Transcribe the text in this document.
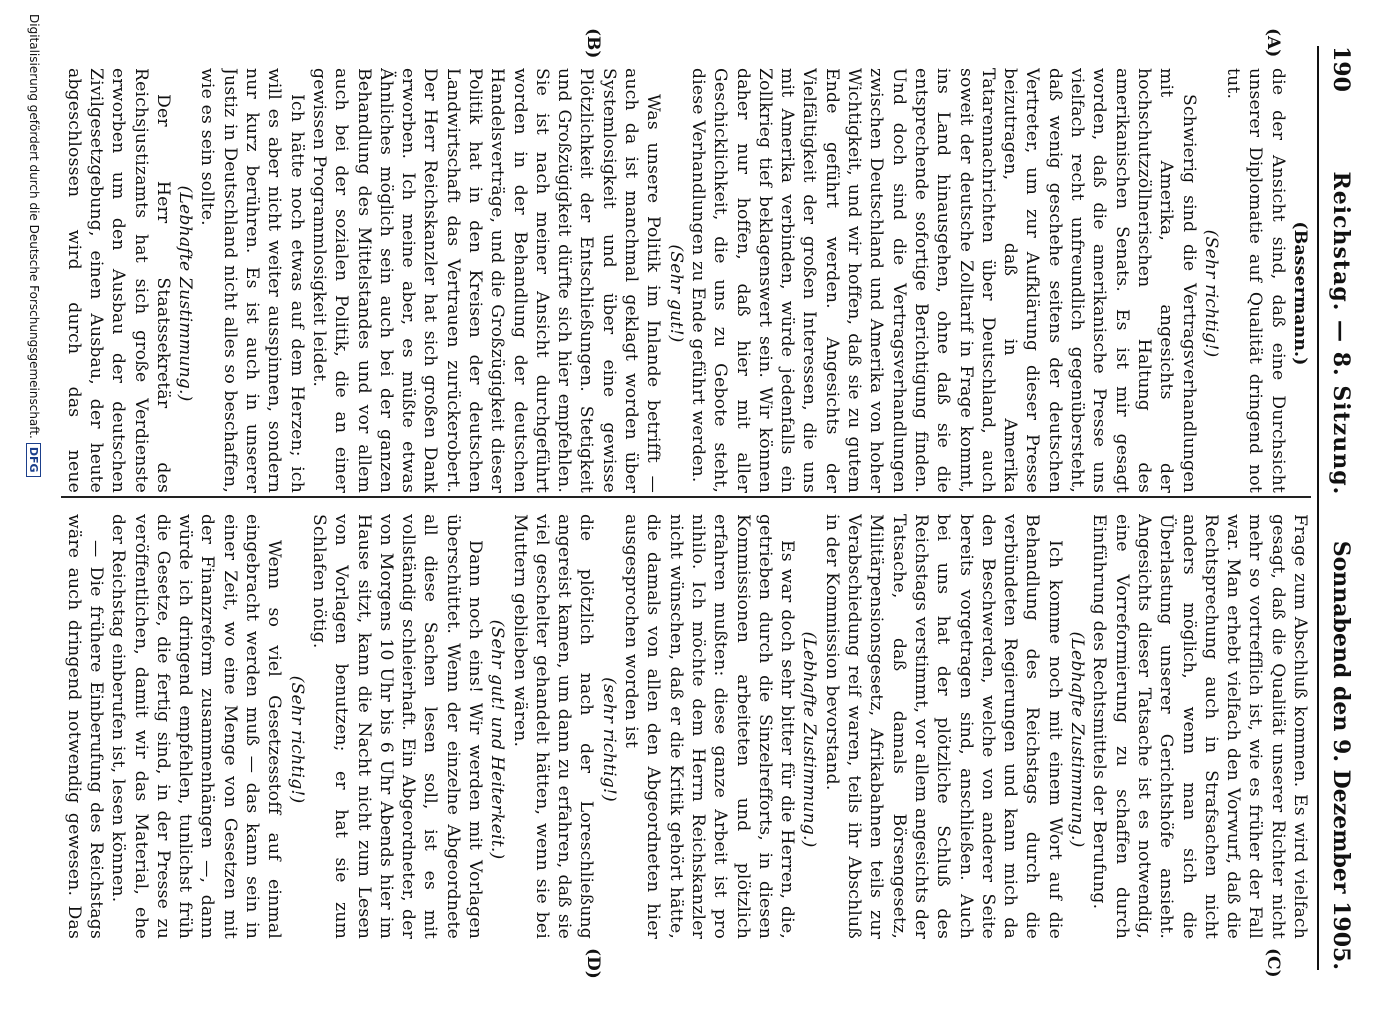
190
Reichstag. — 8. Sitzung.
Sonnabend den 9. Dezember 1905.
(A)
(B)
(C)
(D)

(Bassermann.)

die der Ansicht sind, daß eine Durchsicht unserer Diplomatie auf Qualität dringend not tut.

(Sehr richtig!)

Schwierig sind die Vertragsverhandlungen mit Amerika, angesichts der hochschutzzöllnerischen Haltung des amerikanischen Senats. Es ist mir gesagt worden, daß die amerikanische Presse uns vielfach recht unfreundlich gegenübersteht, daß wenig geschehe seitens der deutschen Vertreter, um zur Aufklärung dieser Presse beizutragen, daß in Amerika Tatarennachrichten über Deutschland, auch soweit der deutsche Zolltarif in Frage kommt, ins Land hinausgehen, ohne daß sie die entsprechende sofortige Berichtigung finden. Und doch sind die Vertragsverhandlungen zwischen Deutschland und Amerika von hoher Wichtigkeit, und wir hoffen, daß sie zu gutem Ende geführt werden. Angesichts der Vielfältigkeit der großen Interessen, die uns mit Amerika verbinden, würde jedenfalls ein Zollkrieg tief beklagenswert sein. Wir können daher nur hoffen, daß hier mit aller Geschicklichkeit, die uns zu Gebote steht, diese Verhandlungen zu Ende geführt werden.

(Sehr gut!)

Was unsere Politik im Inlande betrifft — auch da ist manchmal geklagt worden über Systemlosigkeit und über eine gewisse Plötzlichkeit der Entschließungen. Stetigkeit und Großzügigkeit dürfte sich hier empfehlen. Sie ist nach meiner Ansicht durchgeführt worden in der Behandlung der deutschen Handelsverträge, und die Großzügigkeit dieser Politik hat in den Kreisen der deutschen Landwirtschaft das Vertrauen zurückerobert. Der Herr Reichskanzler hat sich großen Dank erworben. Ich meine aber, es müßte etwas Ähnliches möglich sein auch bei der ganzen Behandlung des Mittelstandes und vor allem auch bei der sozialen Politik, die an einer gewissen Programmlosigkeit leidet.

Ich hätte noch etwas auf dem Herzen; ich will es aber nicht weiter ausspinnen, sondern nur kurz berühren. Es ist auch in unserer Justiz in Deutschland nicht alles so beschaffen, wie es sein sollte.

(Lebhafte Zustimmung.)

Der Herr Staatssekretär des Reichsjustizamts hat sich große Verdienste erworben um den Ausbau der deutschen Zivilgesetzgebung, einen Ausbau, der heute abgeschlossen wird durch das neue

Frage zum Abschluß kommen. Es wird vielfach gesagt, daß die Qualität unserer Richter nicht mehr so vortrefflich ist, wie es früher der Fall war. Man erhebt vielfach den Vorwurf, daß die Rechtsprechung auch in Strafsachen nicht anders möglich, wenn man sich die Überlastung unserer Gerichtshöfe ansieht. Angesichts dieser Tatsache ist es notwendig, eine Vorreformierung zu schaffen durch Einführung des Rechtsmittels der Berufung.

(Lebhafte Zustimmung.)

Ich komme noch mit einem Wort auf die Behandlung des Reichstags durch die verbündeten Regierungen und kann mich da den Beschwerden, welche von anderer Seite bereits vorgetragen sind, anschließen. Auch bei uns hat der plötzliche Schluß des Reichstags verstimmt, vor allem angesichts der Tatsache, daß damals Börsengesetz, Militärpensionsgesetz, Afrikabahnen teils zur Verabschiedung reif waren, teils ihr Abschluß in der Kommission bevorstand.

(Lebhafte Zustimmung.)

Es war doch sehr bitter für die Herren, die, getrieben durch die Sinzelrefforts, in diesen Kommissionen arbeiteten und plötzlich erfahren mußten: diese ganze Arbeit ist pro nihilo. Ich möchte dem Herrn Reichskanzler nicht wünschen, daß er die Kritik gehört hätte, die damals von allen den Abgeordneten hier ausgesprochen worden ist

(sehr richtig!)

die plötzlich nach der Loreschließung angereist kamen, um dann zu erfahren, daß sie viel geschelter gehandelt hätten, wenn sie bei Muttern geblieben wären.

(Sehr gut! und Heiterkeit.)

Dann noch eins! Wir werden mit Vorlagen überschüttet. Wenn der einzelne Abgeordnete all diese Sachen lesen soll, ist es mit vollständig schleierhaft. Ein Abgeordneter, der von Morgens 10 Uhr bis 6 Uhr Abends hier im Hause sitzt, kann die Nacht nicht zum Lesen von Vorlagen benutzen; er hat sie zum Schlafen nötig.

(Sehr richtig!)

Wenn so viel Gesetzesstoff auf einmal eingebracht werden muß — das kann sein in einer Zeit, wo eine Menge von Gesetzen mit der Finanzreform zusammenhängen —, dann würde ich dringend empfehlen, tunlichst früh die Gesetze, die fertig sind, in der Presse zu veröffentlichen, damit wir das Material, ehe der Reichstag einberufen ist, lesen können.

— Die frühere Einberufung des Reichstags wäre auch dringend notwendig gewesen. Das

Digitalisierung gefördert durch die Deutsche Forschungsgemeinschaft.DFG
